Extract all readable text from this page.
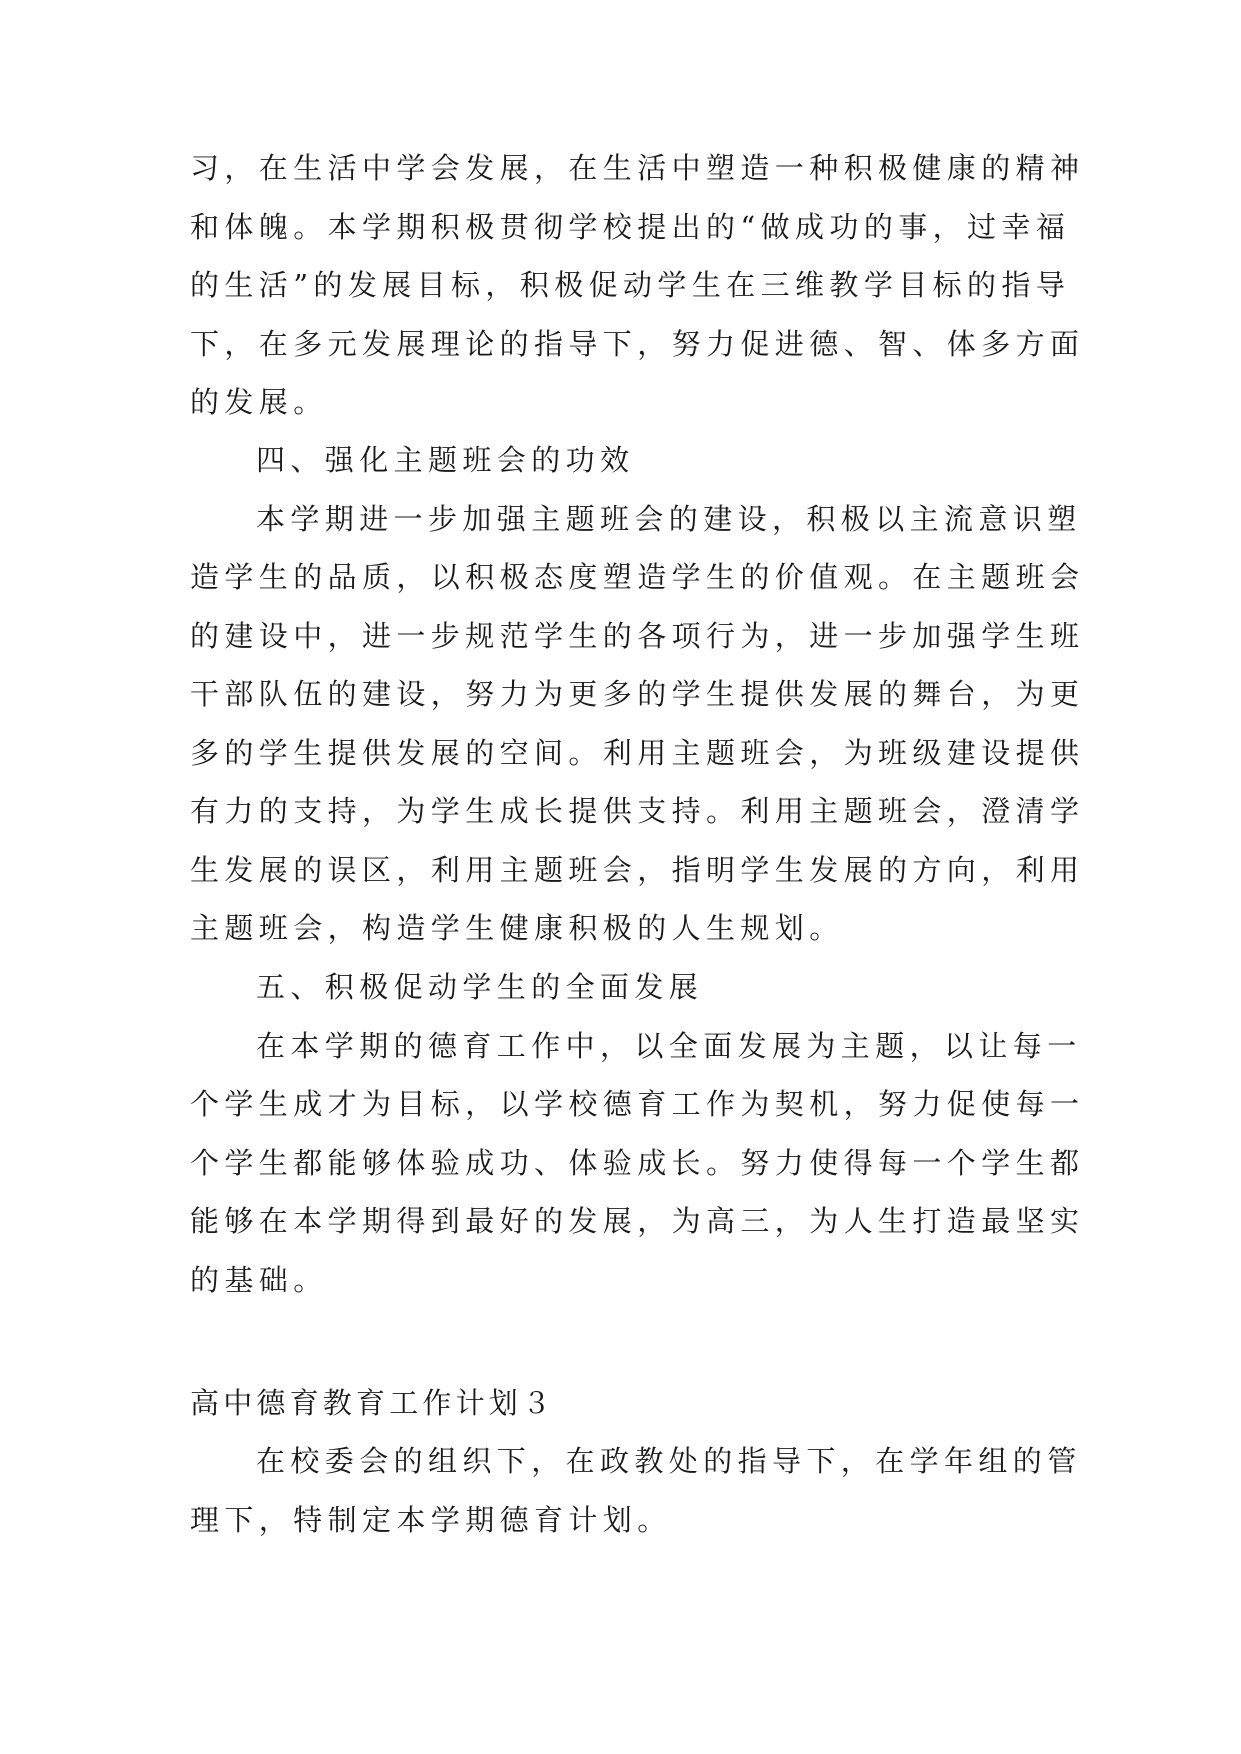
习，在生活中学会发展，在生活中塑造一种积极健康的精神
和体魄。本学期积极贯彻学校提出的“做成功的事，过幸福
的生活”的发展目标，积极促动学生在三维教学目标的指导
下，在多元发展理论的指导下，努力促进德、智、体多方面
的发展。
四、强化主题班会的功效
本学期进一步加强主题班会的建设，积极以主流意识塑
造学生的品质，以积极态度塑造学生的价值观。在主题班会
的建设中，进一步规范学生的各项行为，进一步加强学生班
干部队伍的建设，努力为更多的学生提供发展的舞台，为更
多的学生提供发展的空间。利用主题班会，为班级建设提供
有力的支持，为学生成长提供支持。利用主题班会，澄清学
生发展的误区，利用主题班会，指明学生发展的方向，利用
主题班会，构造学生健康积极的人生规划。
五、积极促动学生的全面发展
在本学期的德育工作中，以全面发展为主题，以让每一
个学生成才为目标，以学校德育工作为契机，努力促使每一
个学生都能够体验成功、体验成长。努力使得每一个学生都
能够在本学期得到最好的发展，为高三，为人生打造最坚实
的基础。
高中德育教育工作计划３
在校委会的组织下，在政教处的指导下，在学年组的管
理下，特制定本学期德育计划。
